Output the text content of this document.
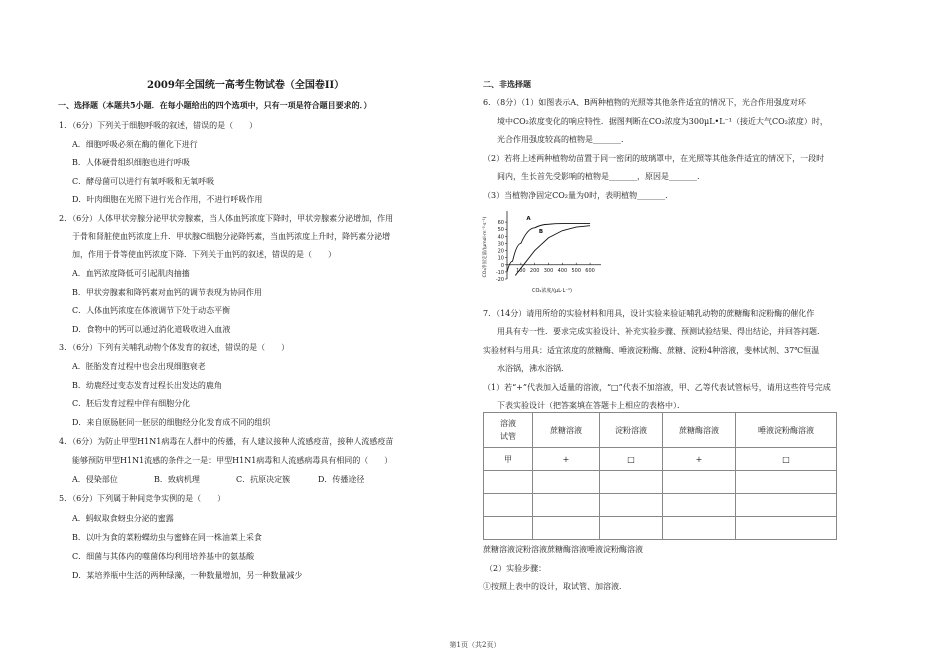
2009年全国统一高考生物试卷（全国卷II）
一、选择题（本题共5小题．在每小题给出的四个选项中，只有一项是符合题目要求的．）
1．（6分）下列关于细胞呼吸的叙述，错误的是（　　）
A．细胞呼吸必须在酶的催化下进行
B．人体硬骨组织细胞也进行呼吸
C．酵母菌可以进行有氧呼吸和无氧呼吸
D．叶肉细胞在光照下进行光合作用，不进行呼吸作用
2．（6分）人体甲状旁腺分泌甲状旁腺素，当人体血钙浓度下降时，甲状旁腺素分泌增加，作用
于骨和肾脏使血钙浓度上升．甲状腺C细胞分泌降钙素，当血钙浓度上升时，降钙素分泌增
加，作用于骨等使血钙浓度下降．下列关于血钙的叙述，错误的是（　　）
A．血钙浓度降低可引起肌肉抽搐
B．甲状旁腺素和降钙素对血钙的调节表现为协同作用
C．人体血钙浓度在体液调节下处于动态平衡
D．食物中的钙可以通过消化道吸收进入血液
3．（6分）下列有关哺乳动物个体发育的叙述，错误的是（　　）
A．胚胎发育过程中也会出现细胞衰老
B．幼鹿经过变态发育过程长出发达的鹿角
C．胚后发育过程中伴有细胞分化
D．来自原肠胚同一胚层的细胞经分化发育成不同的组织
4．（6分）为防止甲型H1N1病毒在人群中的传播，有人建议接种人流感疫苗，接种人流感疫苗
能够预防甲型H1N1流感的条件之一是：甲型H1N1病毒和人流感病毒具有相同的（　　）
A．侵染部位	B．致病机理	C．抗原决定簇	D．传播途径
5．（6分）下列属于种间竞争实例的是（　　）
A．蚂蚁取食蚜虫分泌的蜜露
B．以叶为食的菜粉蝶幼虫与蜜蜂在同一株油菜上采食
C．细菌与其体内的噬菌体均利用培养基中的氨基酸
D．某培养瓶中生活的两种绿藻，一种数量增加，另一种数量减少
二、非选择题
6．（8分）（1）如图表示A、B两种植物的光照等其他条件适宜的情况下，光合作用强度对环
境中CO₂浓度变化的响应特性．据图判断在CO₂浓度为300μL•L⁻¹（接近大气CO₂浓度）时，
光合作用强度较高的植物是_______．
（2）若将上述两种植物幼苗置于同一密闭的玻璃罩中，在光照等其他条件适宜的情况下，一段时
间内，生长首先受影响的植物是_______，原因是_______．
（3）当植物净固定CO₂量为0时，表明植物_______．
60
50
40
30
20
10
0
-10
-20
100 200 300 400 500 600
CO₂浓度/(μL·L⁻¹)
CO₂净固定量/(μmol·m⁻²·s⁻¹)	A
B
7．（14分）请用所给的实验材料和用具，设计实验来验证哺乳动物的蔗糖酶和淀粉酶的催化作
用具有专一性．要求完成实验设计、补充实验步骤、预测试验结果、得出结论，并回答问题．
实验材料与用具：适宜浓度的蔗糖酶、唾液淀粉酶、蔗糖、淀粉4种溶液，斐林试剂、37℃恒温
水浴锅，沸水浴锅．
（1）若“+”代表加入适量的溶液，“□”代表不加溶液，甲、乙等代表试管标号，请用这些符号完成
下表实验设计（把答案填在答题卡上相应的表格中）．
溶液
试管	蔗糖溶液	淀粉溶液	蔗糖酶溶液	唾液淀粉酶溶液
甲	+	□	+	□

蔗糖溶液淀粉溶液蔗糖酶溶液唾液淀粉酶溶液
（2）实验步骤：
①按照上表中的设计，取试管、加溶液．
第1页（共2页）
